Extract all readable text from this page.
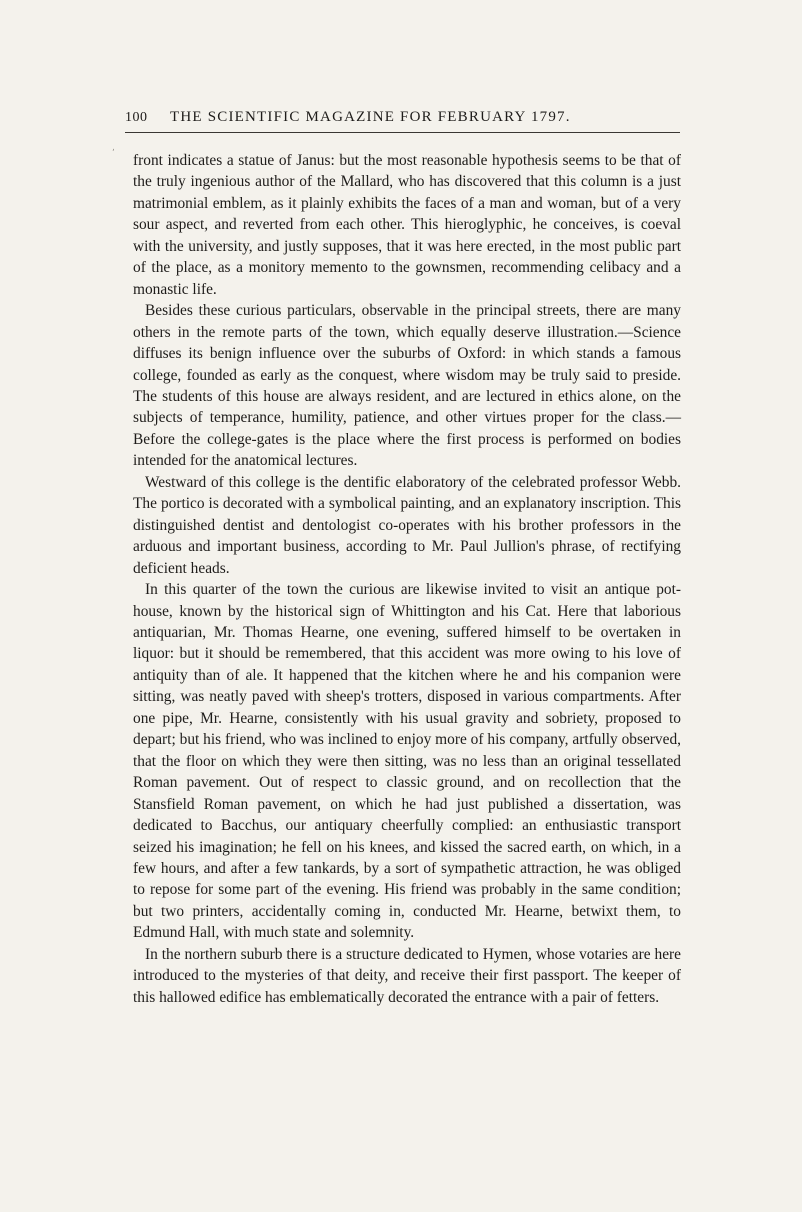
100 THE SCIENTIFIC MAGAZINE FOR FEBRUARY 1797.
,

front indicates a statue of Janus: but the most reasonable hypothesis seems to be that of the truly ingenious author of the Mallard, who has discovered that this column is a just matrimonial emblem, as it plainly exhibits the faces of a man and woman, but of a very sour aspect, and reverted from each other. This hieroglyphic, he conceives, is coeval with the university, and justly supposes, that it was here erected, in the most public part of the place, as a monitory memento to the gownsmen, recommending celibacy and a monastic life.

Besides these curious particulars, observable in the principal streets, there are many others in the remote parts of the town, which equally deserve illustration.—Science diffuses its benign influence over the suburbs of Oxford: in which stands a famous college, founded as early as the conquest, where wisdom may be truly said to preside. The students of this house are always resident, and are lectured in ethics alone, on the subjects of temperance, humility, patience, and other virtues proper for the class.—Before the college-gates is the place where the first process is performed on bodies intended for the anatomical lectures.

Westward of this college is the dentific elaboratory of the celebrated professor Webb. The portico is decorated with a symbolical painting, and an explanatory inscription. This distinguished dentist and dentologist co-operates with his brother professors in the arduous and important business, according to Mr. Paul Jullion's phrase, of rectifying deficient heads.

In this quarter of the town the curious are likewise invited to visit an antique pot-house, known by the historical sign of Whittington and his Cat. Here that laborious antiquarian, Mr. Thomas Hearne, one evening, suffered himself to be overtaken in liquor: but it should be remembered, that this accident was more owing to his love of antiquity than of ale. It happened that the kitchen where he and his companion were sitting, was neatly paved with sheep's trotters, disposed in various compartments. After one pipe, Mr. Hearne, consistently with his usual gravity and sobriety, proposed to depart; but his friend, who was inclined to enjoy more of his company, artfully observed, that the floor on which they were then sitting, was no less than an original tessellated Roman pavement. Out of respect to classic ground, and on recollection that the Stansfield Roman pavement, on which he had just published a dissertation, was dedicated to Bacchus, our antiquary cheerfully complied: an enthusiastic transport seized his imagination; he fell on his knees, and kissed the sacred earth, on which, in a few hours, and after a few tankards, by a sort of sympathetic attraction, he was obliged to repose for some part of the evening. His friend was probably in the same condition; but two printers, accidentally coming in, conducted Mr. Hearne, betwixt them, to Edmund Hall, with much state and solemnity.

In the northern suburb there is a structure dedicated to Hymen, whose votaries are here introduced to the mysteries of that deity, and receive their first passport. The keeper of this hallowed edifice has emblematically decorated the entrance with a pair of fetters.
